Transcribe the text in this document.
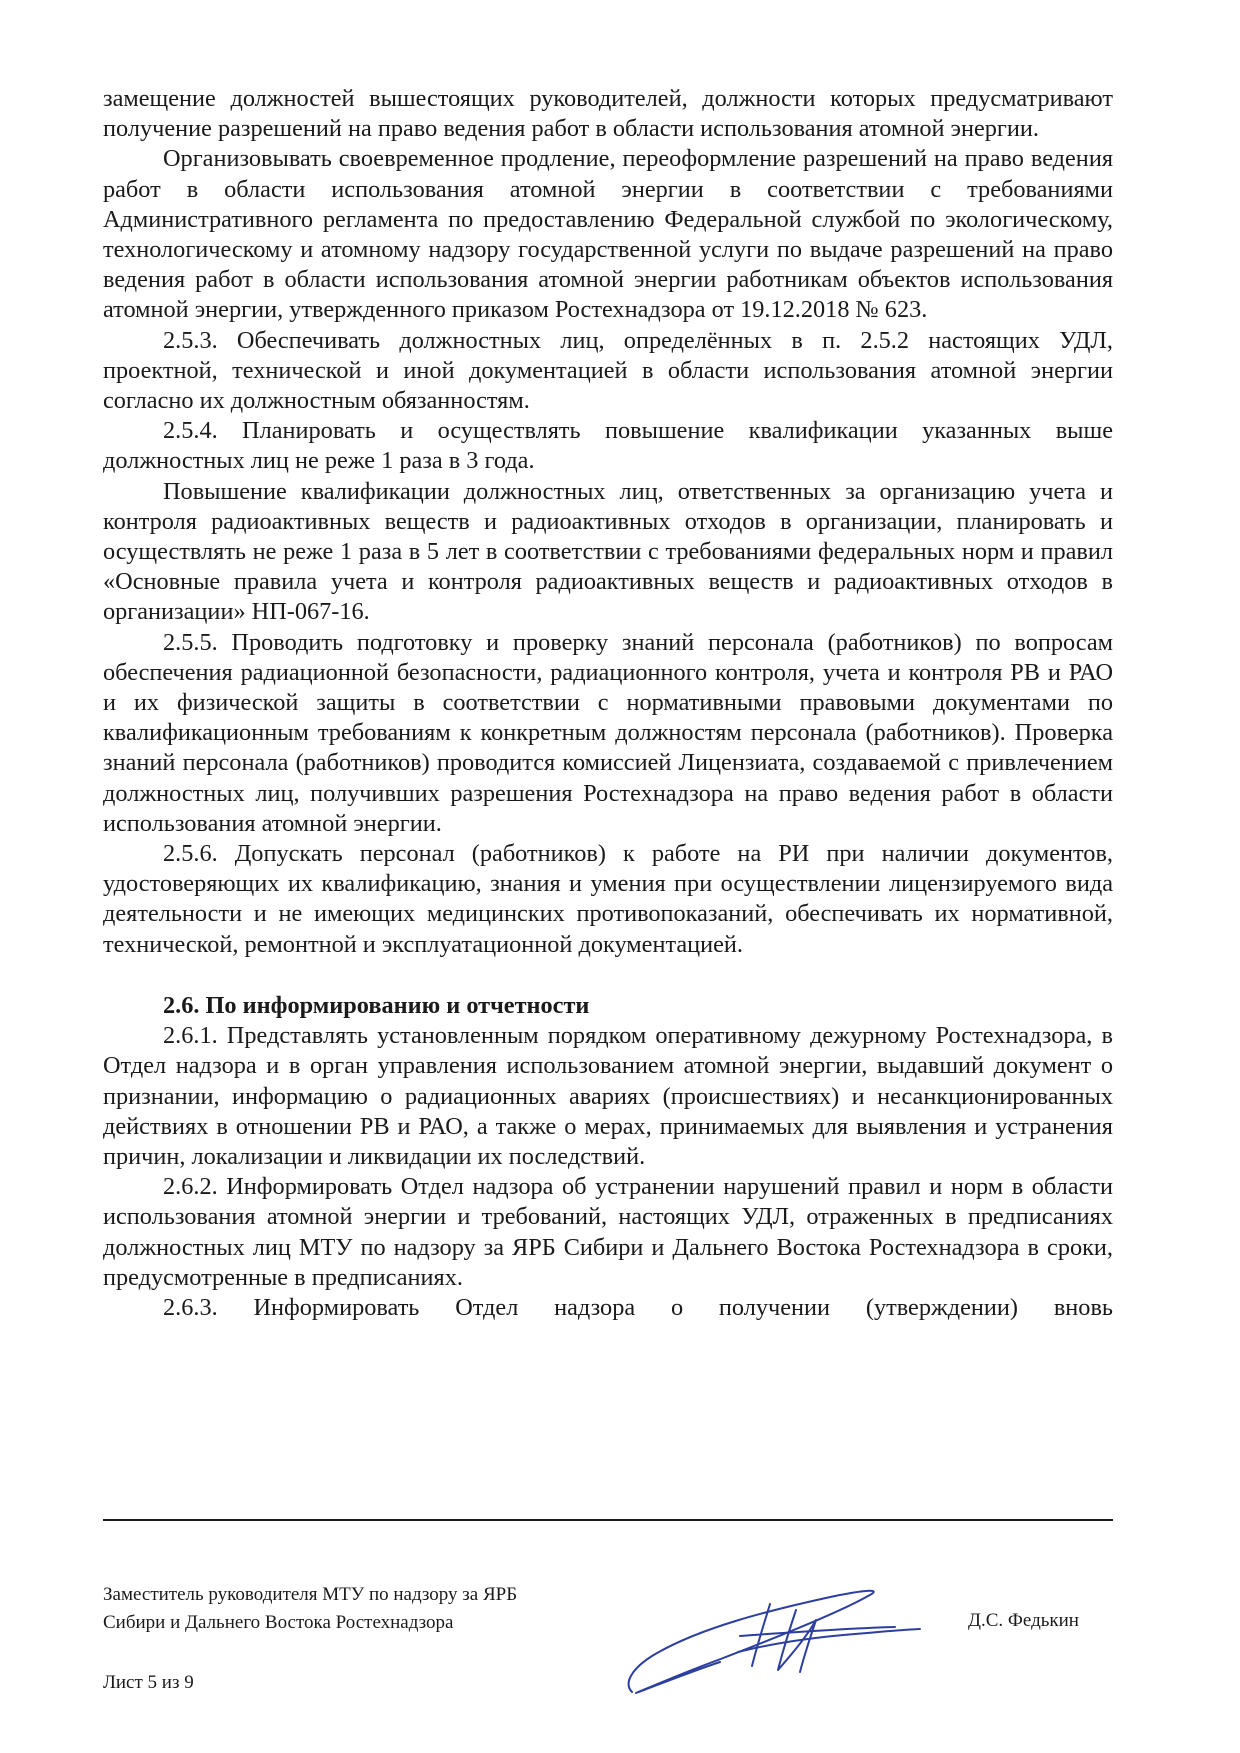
замещение должностей вышестоящих руководителей, должности которых предусматривают получение разрешений на право ведения работ в области использования атомной энергии.

Организовывать своевременное продление, переоформление разрешений на право ведения работ в области использования атомной энергии в соответствии с требованиями Административного регламента по предоставлению Федеральной службой по экологическому, технологическому и атомному надзору государственной услуги по выдаче разрешений на право ведения работ в области использования атомной энергии работникам объектов использования атомной энергии, утвержденного приказом Ростехнадзора от 19.12.2018 № 623.

2.5.3. Обеспечивать должностных лиц, определённых в п. 2.5.2 настоящих УДЛ, проектной, технической и иной документацией в области использования атомной энергии согласно их должностным обязанностям.

2.5.4. Планировать и осуществлять повышение квалификации указанных выше должностных лиц не реже 1 раза в 3 года.

Повышение квалификации должностных лиц, ответственных за организацию учета и контроля радиоактивных веществ и радиоактивных отходов в организации, планировать и осуществлять не реже 1 раза в 5 лет в соответствии с требованиями федеральных норм и правил «Основные правила учета и контроля радиоактивных веществ и радиоактивных отходов в организации» НП-067-16.

2.5.5. Проводить подготовку и проверку знаний персонала (работников) по вопросам обеспечения радиационной безопасности, радиационного контроля, учета и контроля РВ и РАО и их физической защиты в соответствии с нормативными правовыми документами по квалификационным требованиям к конкретным должностям персонала (работников). Проверка знаний персонала (работников) проводится комиссией Лицензиата, создаваемой с привлечением должностных лиц, получивших разрешения Ростехнадзора на право ведения работ в области использования атомной энергии.

2.5.6. Допускать персонал (работников) к работе на РИ при наличии документов, удостоверяющих их квалификацию, знания и умения при осуществлении лицензируемого вида деятельности и не имеющих медицинских противопоказаний, обеспечивать их нормативной, технической, ремонтной и эксплуатационной документацией.

2.6. По информированию и отчетности

2.6.1. Представлять установленным порядком оперативному дежурному Ростехнадзора, в Отдел надзора и в орган управления использованием атомной энергии, выдавший документ о признании, информацию о радиационных авариях (происшествиях) и несанкционированных действиях в отношении РВ и РАО, а также о мерах, принимаемых для выявления и устранения причин, локализации и ликвидации их последствий.

2.6.2. Информировать Отдел надзора об устранении нарушений правил и норм в области использования атомной энергии и требований, настоящих УДЛ, отраженных в предписаниях должностных лиц МТУ по надзору за ЯРБ Сибири и Дальнего Востока Ростехнадзора в сроки, предусмотренные в предписаниях.

2.6.3. Информировать Отдел надзора о получении (утверждении) вновь

Заместитель руководителя МТУ по надзору за ЯРБ
Сибири и Дальнего Востока Ростехнадзора	Д.С. Федькин
Лист 5 из 9
